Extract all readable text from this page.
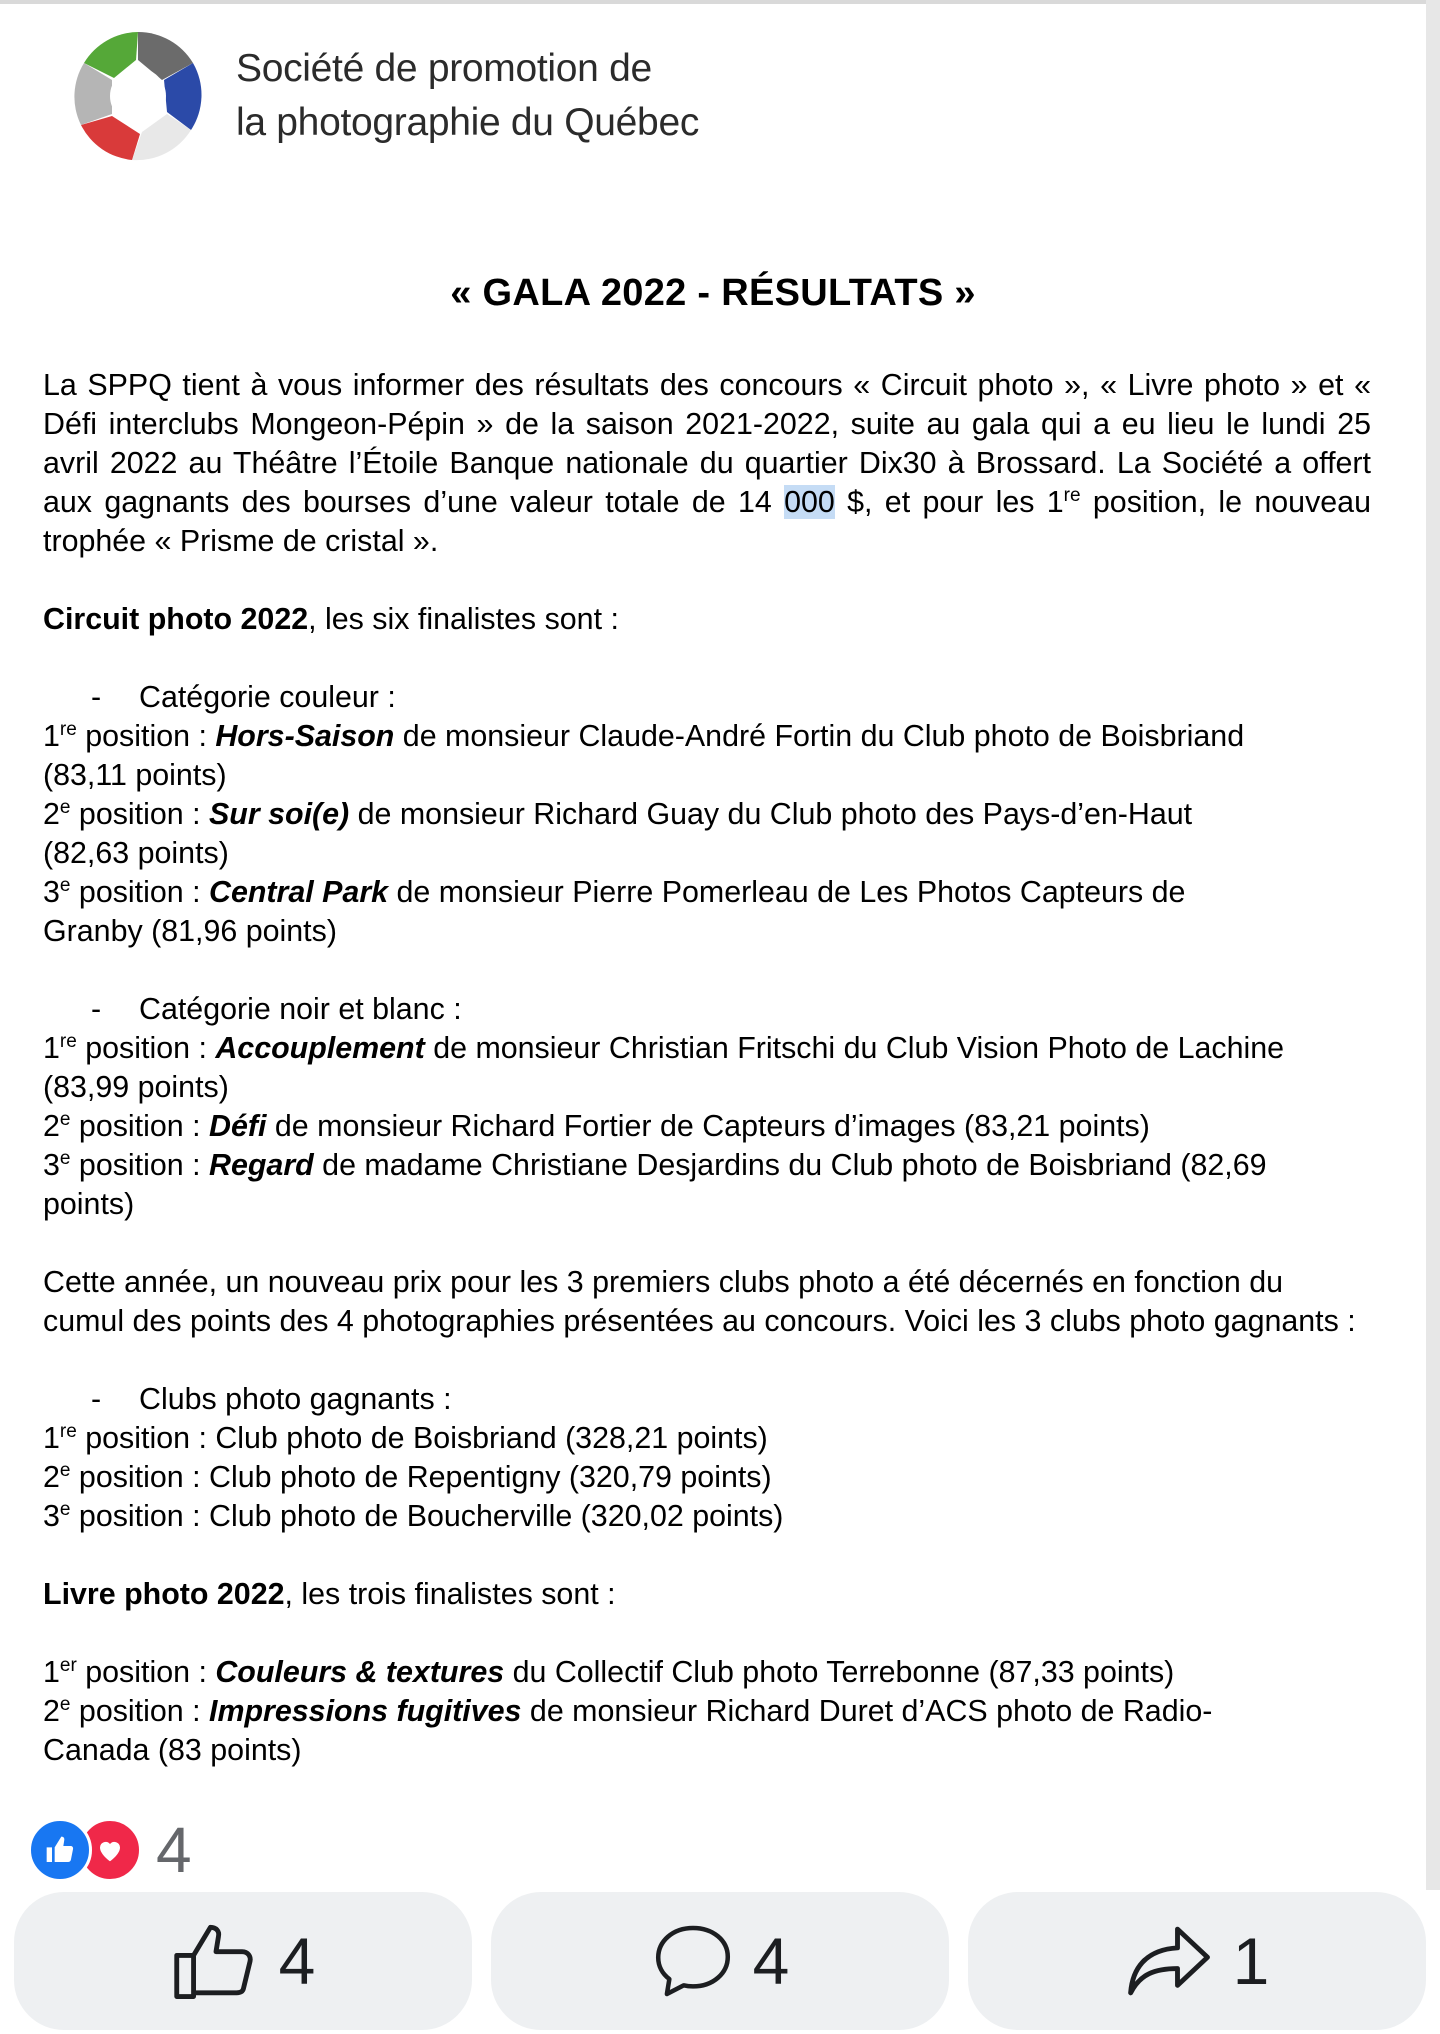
Société de promotion de
la photographie du Québec
« GALA 2022 - RÉSULTATS »

La SPPQ tient à vous informer des résultats des concours « Circuit photo », « Livre photo » et « Défi interclubs Mongeon-Pépin » de la saison 2021-2022, suite au gala qui a eu lieu le lundi 25 avril 2022 au Théâtre l’Étoile Banque nationale du quartier Dix30 à Brossard. La Société a offert aux gagnants des bourses d’une valeur totale de 14 000 $, et pour les 1re position, le nouveau trophée « Prisme de cristal ».

Circuit photo 2022, les six finalistes sont :

- Catégorie couleur :

1re position : Hors-Saison de monsieur Claude-André Fortin du Club photo de Boisbriand

(83,11 points)

2e position : Sur soi(e) de monsieur Richard Guay du Club photo des Pays-d’en-Haut

(82,63 points)

3e position : Central Park de monsieur Pierre Pomerleau de Les Photos Capteurs de

Granby (81,96 points)

- Catégorie noir et blanc :

1re position : Accouplement de monsieur Christian Fritschi du Club Vision Photo de Lachine

(83,99 points)

2e position : Défi de monsieur Richard Fortier de Capteurs d’images (83,21 points)

3e position : Regard de madame Christiane Desjardins du Club photo de Boisbriand (82,69

points)

Cette année, un nouveau prix pour les 3 premiers clubs photo a été décernés en fonction du cumul des points des 4 photographies présentées au concours. Voici les 3 clubs photo gagnants :

- Clubs photo gagnants :

1re position : Club photo de Boisbriand (328,21 points)

2e position : Club photo de Repentigny (320,79 points)

3e position : Club photo de Boucherville (320,02 points)

Livre photo 2022, les trois finalistes sont :

1er position : Couleurs & textures du Collectif Club photo Terrebonne (87,33 points)

2e position : Impressions fugitives de monsieur Richard Duret d’ACS photo de Radio-

Canada (83 points)

4
4	4	1
